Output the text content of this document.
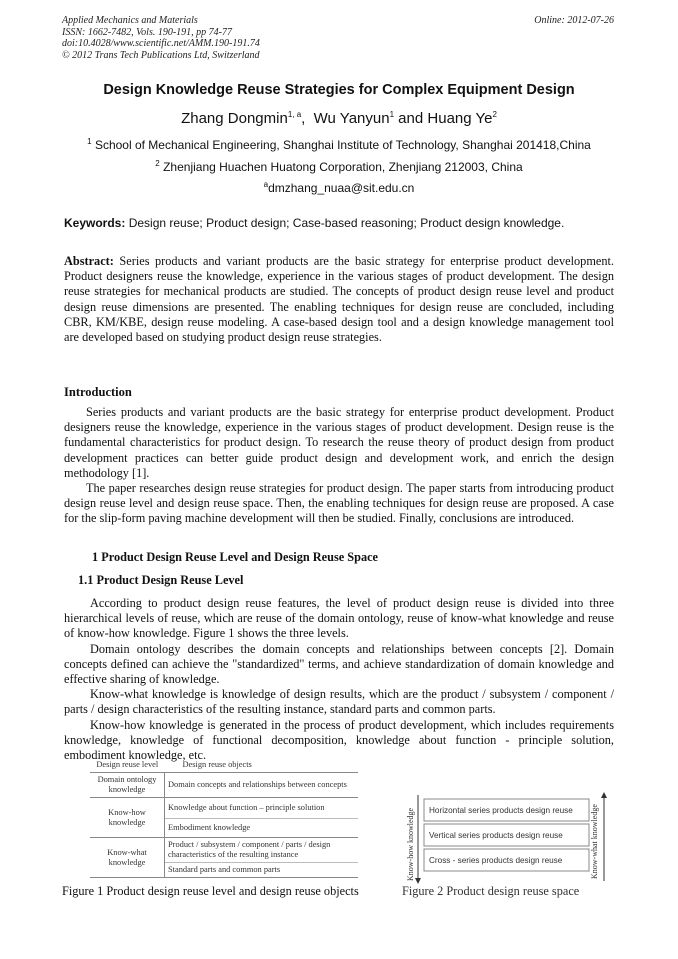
Applied Mechanics and Materials
ISSN: 1662-7482, Vols. 190-191, pp 74-77
doi:10.4028/www.scientific.net/AMM.190-191.74
© 2012 Trans Tech Publications Ltd, Switzerland
Online: 2012-07-26
Design Knowledge Reuse Strategies for Complex Equipment Design
Zhang Dongmin$^{1, a}$,  Wu Yanyun$^1$ and Huang Ye$^2$
$^1$ School of Mechanical Engineering, Shanghai Institute of Technology, Shanghai 201418,China
$^2$ Zhenjiang Huachen Huatong Corporation, Zhenjiang 212003, China
$^a$dmzhang_nuaa@sit.edu.cn
Keywords: Design reuse; Product design; Case-based reasoning; Product design knowledge.

Abstract: Series products and variant products are the basic strategy for enterprise product development. Product designers reuse the knowledge, experience in the various stages of product development. The design reuse strategies for mechanical products are studied. The concepts of product design reuse level and product design reuse dimensions are presented. The enabling techniques for design reuse are concluded, including CBR, KM/KBE, design reuse modeling. A case-based design tool and a design knowledge management tool are developed based on studying product design reuse strategies.

Introduction

Series products and variant products are the basic strategy for enterprise product development. Product designers reuse the knowledge, experience in the various stages of product development. Design reuse is the fundamental characteristics for product design. To research the reuse theory of product design from product development practices can better guide product design and development work, and enrich the design methodology [1].

The paper researches design reuse strategies for product design. The paper starts from introducing product design reuse level and design reuse space. Then, the enabling techniques for design reuse are proposed. A case for the slip-form paving machine development will then be studied. Finally, conclusions are introduced.

1 Product Design Reuse Level and Design Reuse Space
1.1 Product Design Reuse Level

According to product design reuse features, the level of product design reuse is divided into three hierarchical levels of reuse, which are reuse of the domain ontology, reuse of know-what knowledge and reuse of know-how knowledge. Figure 1 shows the three levels.

Domain ontology describes the domain concepts and relationships between concepts [2]. Domain concepts defined can achieve the "standardized" terms, and achieve standardization of domain knowledge and effective sharing of knowledge.

Know-what knowledge is knowledge of design results, which are the product / subsystem / component / parts / design characteristics of the resulting instance, standard parts and common parts.

Know-how knowledge is generated in the process of product development, which includes requirements knowledge, knowledge of functional decomposition, knowledge about function - principle solution, embodiment knowledge, etc.

Design reuse level	Design reuse objects
Domain ontology knowledge	Domain concepts and relationships between concepts
Know-how knowledge	Knowledge about function – principle solution
	Embodiment knowledge
Know-what knowledge	Product / subsystem / component / parts / design characteristics of the resulting instance
	Standard parts and common parts
Figure 1 Product design reuse level and design reuse objects
Horizontal series products design reuse
Vertical series products design reuse
Cross - series products design reuse
Know-how knowledge	Know-what knowledge
Figure 2 Product design reuse space
